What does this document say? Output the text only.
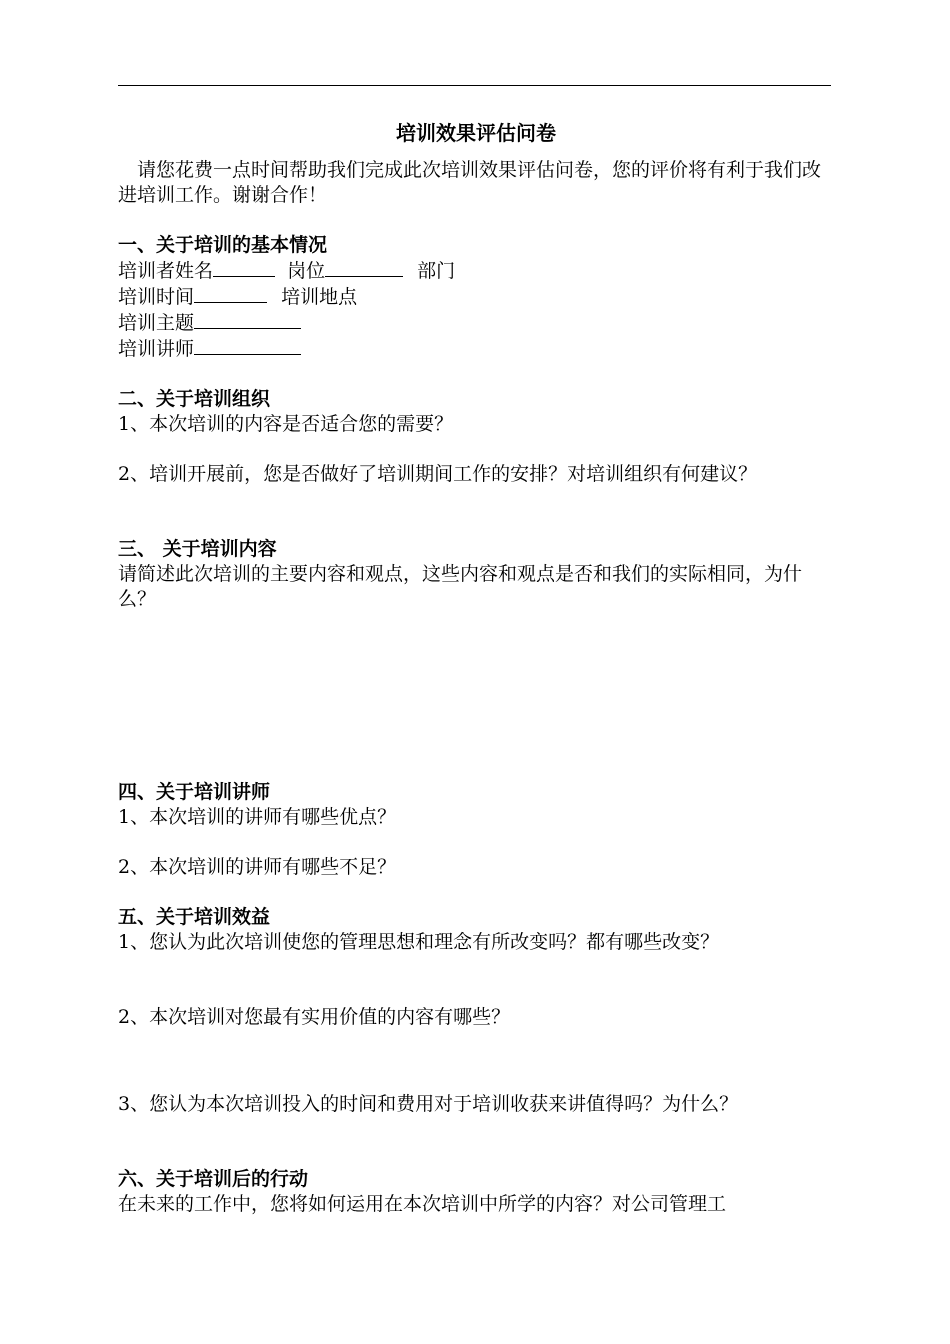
培训效果评估问卷

请您花费一点时间帮助我们完成此次培训效果评估问卷，您的评价将有利于我们改进培训工作。谢谢合作！

一、关于培训的基本情况

培训者姓名	岗位	部门

培训时间	培训地点

培训主题

培训讲师

二、关于培训组织

1、本次培训的内容是否适合您的需要？

2、培训开展前，您是否做好了培训期间工作的安排？对培训组织有何建议？

三、 关于培训内容

请简述此次培训的主要内容和观点，这些内容和观点是否和我们的实际相同，为什么？

四、关于培训讲师

1、本次培训的讲师有哪些优点？

2、本次培训的讲师有哪些不足？

五、关于培训效益

1、您认为此次培训使您的管理思想和理念有所改变吗？都有哪些改变？

2、本次培训对您最有实用价值的内容有哪些？

3、您认为本次培训投入的时间和费用对于培训收获来讲值得吗？为什么？

六、关于培训后的行动

在未来的工作中，您将如何运用在本次培训中所学的内容？对公司管理工
